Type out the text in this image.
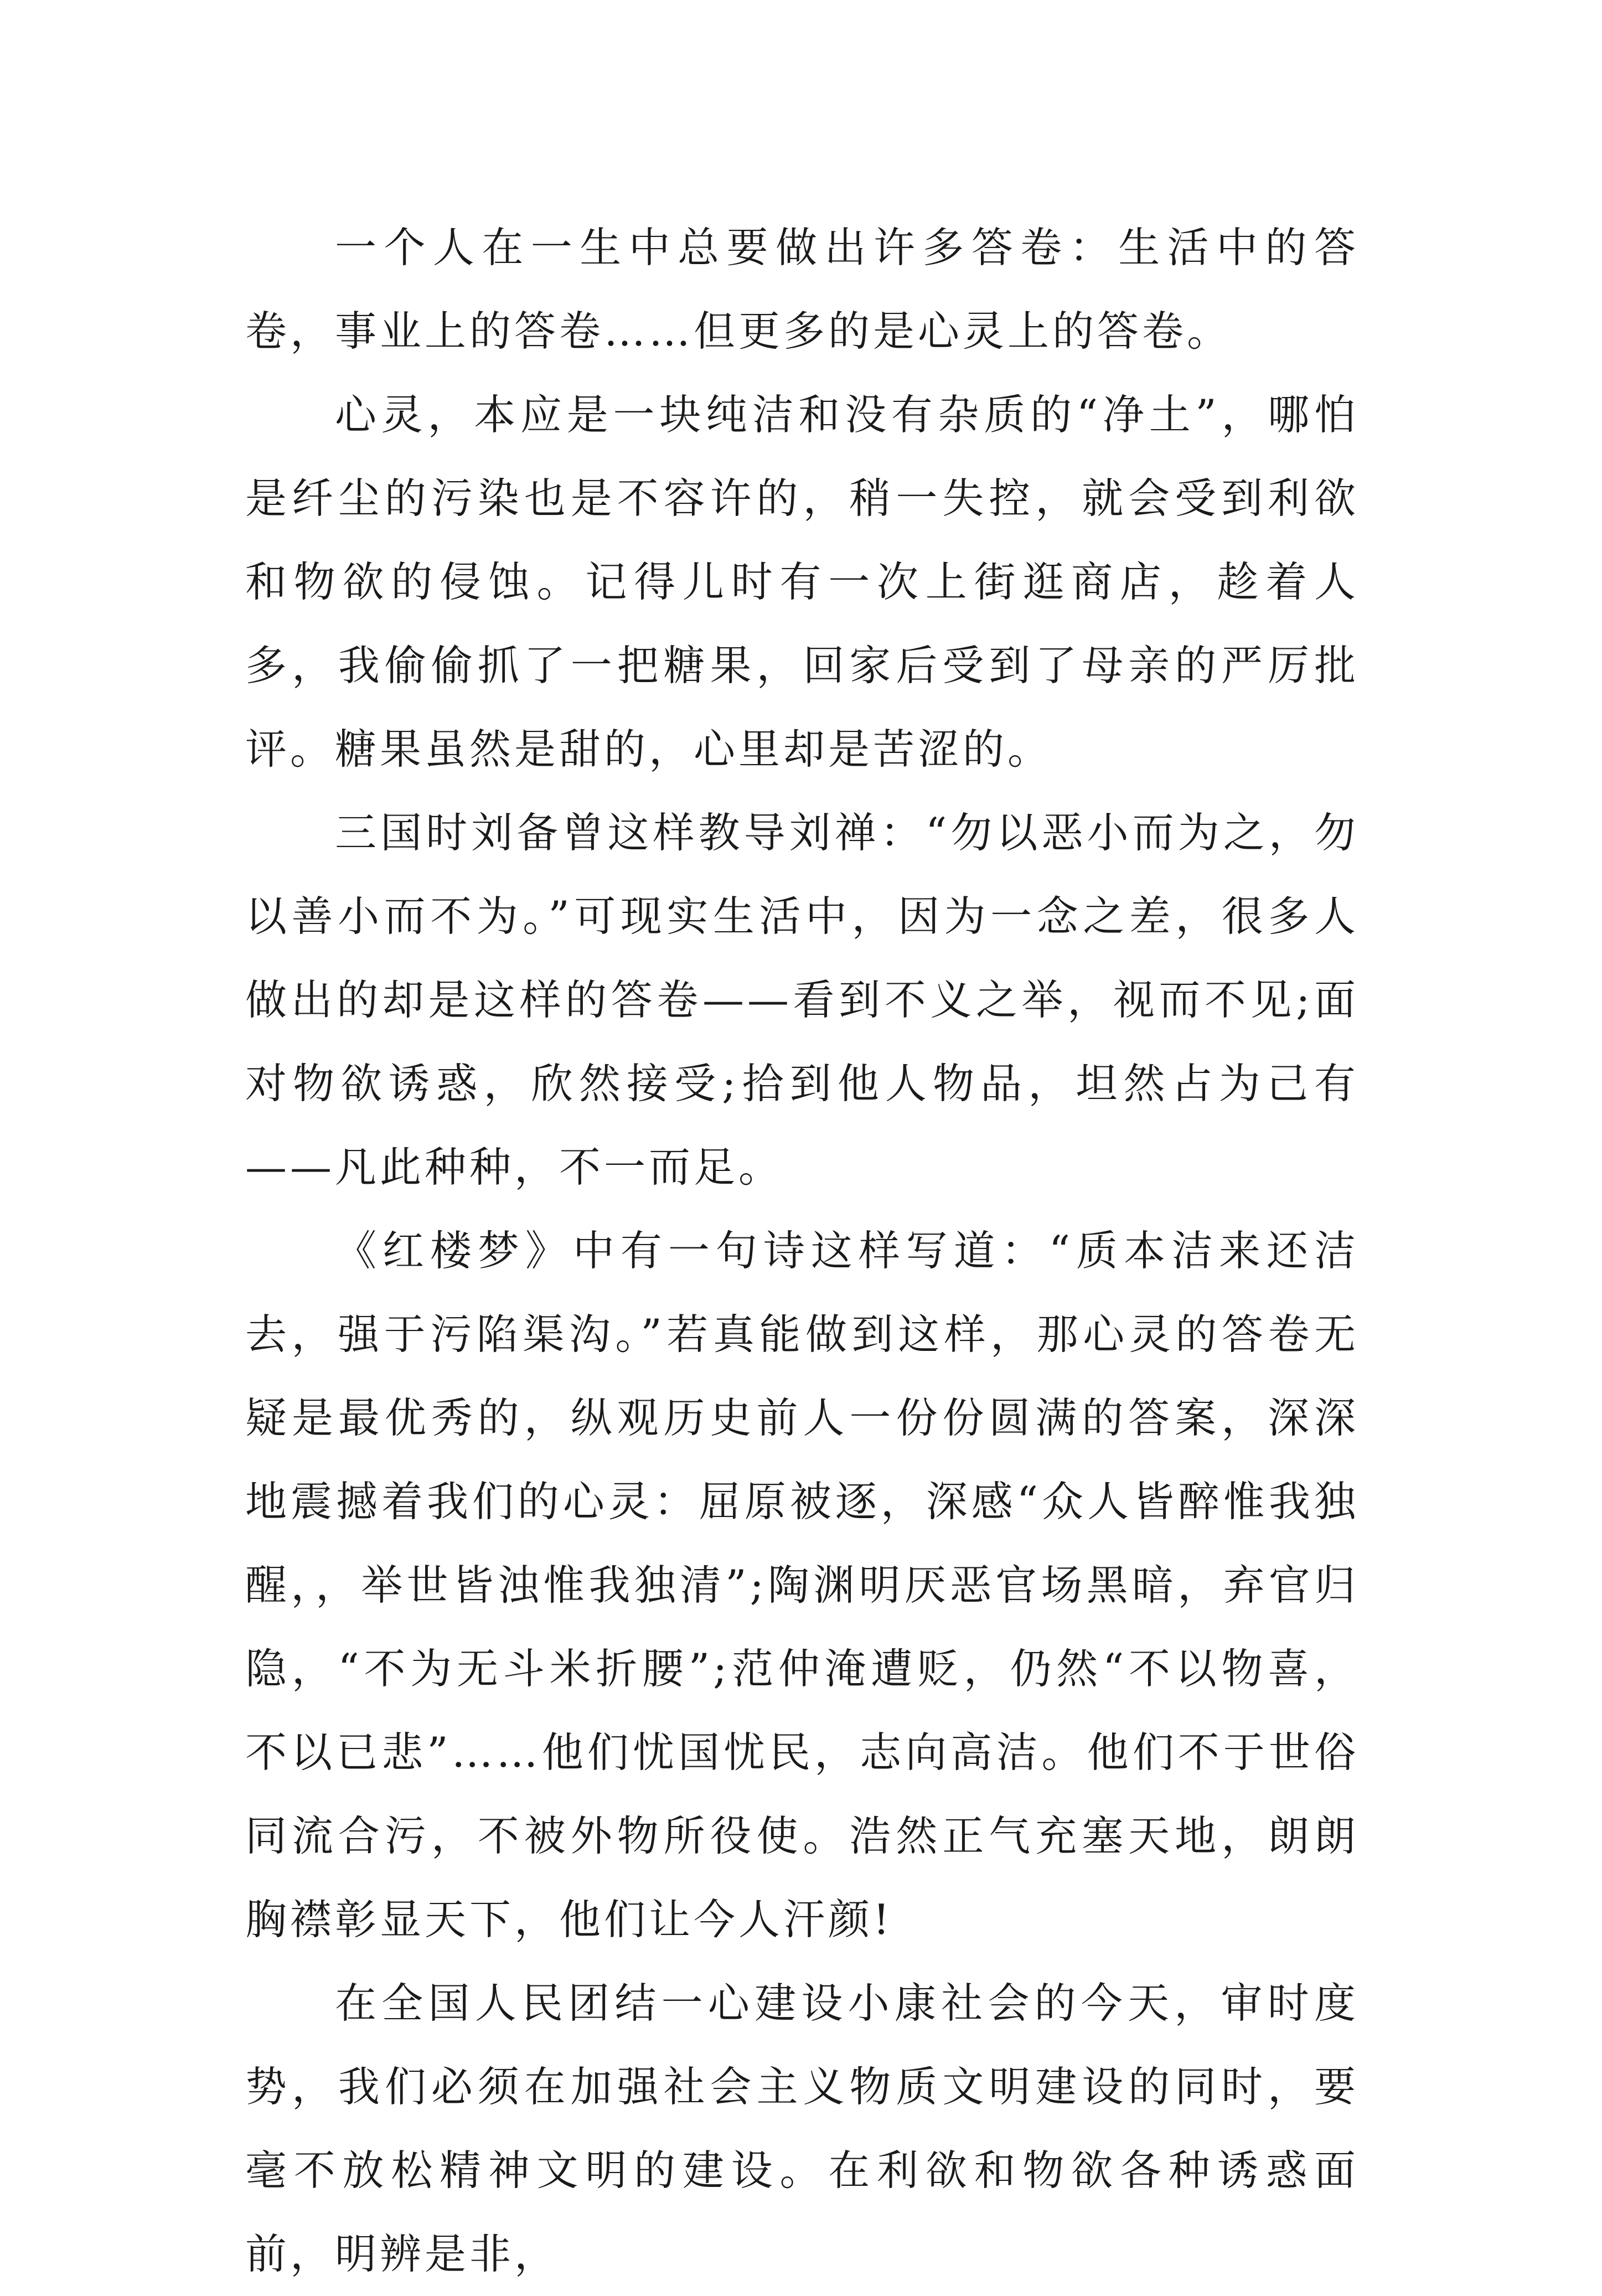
一个人在一生中总要做出许多答卷：生活中的答卷，事业上的答卷……但更多的是心灵上的答卷。

心灵，本应是一块纯洁和没有杂质的“净土”，哪怕是纤尘的污染也是不容许的，稍一失控，就会受到利欲和物欲的侵蚀。记得儿时有一次上街逛商店，趁着人多，我偷偷抓了一把糖果，回家后受到了母亲的严厉批评。糖果虽然是甜的，心里却是苦涩的。

三国时刘备曾这样教导刘禅：“勿以恶小而为之，勿以善小而不为。”可现实生活中，因为一念之差，很多人做出的却是这样的答卷——看到不义之举，视而不见;面对物欲诱惑，欣然接受;拾到他人物品，坦然占为己有——凡此种种，不一而足。

《红楼梦》中有一句诗这样写道：“质本洁来还洁去，强于污陷渠沟。”若真能做到这样，那心灵的答卷无疑是最优秀的，纵观历史前人一份份圆满的答案，深深地震撼着我们的心灵：屈原被逐，深感“众人皆醉惟我独醒，，举世皆浊惟我独清”;陶渊明厌恶官场黑暗，弃官归隐，“不为无斗米折腰”;范仲淹遭贬，仍然“不以物喜，不以已悲”……他们忧国忧民，志向高洁。他们不于世俗同流合污，不被外物所役使。浩然正气充塞天地，朗朗胸襟彰显天下，他们让今人汗颜!

在全国人民团结一心建设小康社会的今天，审时度势，我们必须在加强社会主义物质文明建设的同时，要毫不放松精神文明的建设。在利欲和物欲各种诱惑面前，明辨是非，
